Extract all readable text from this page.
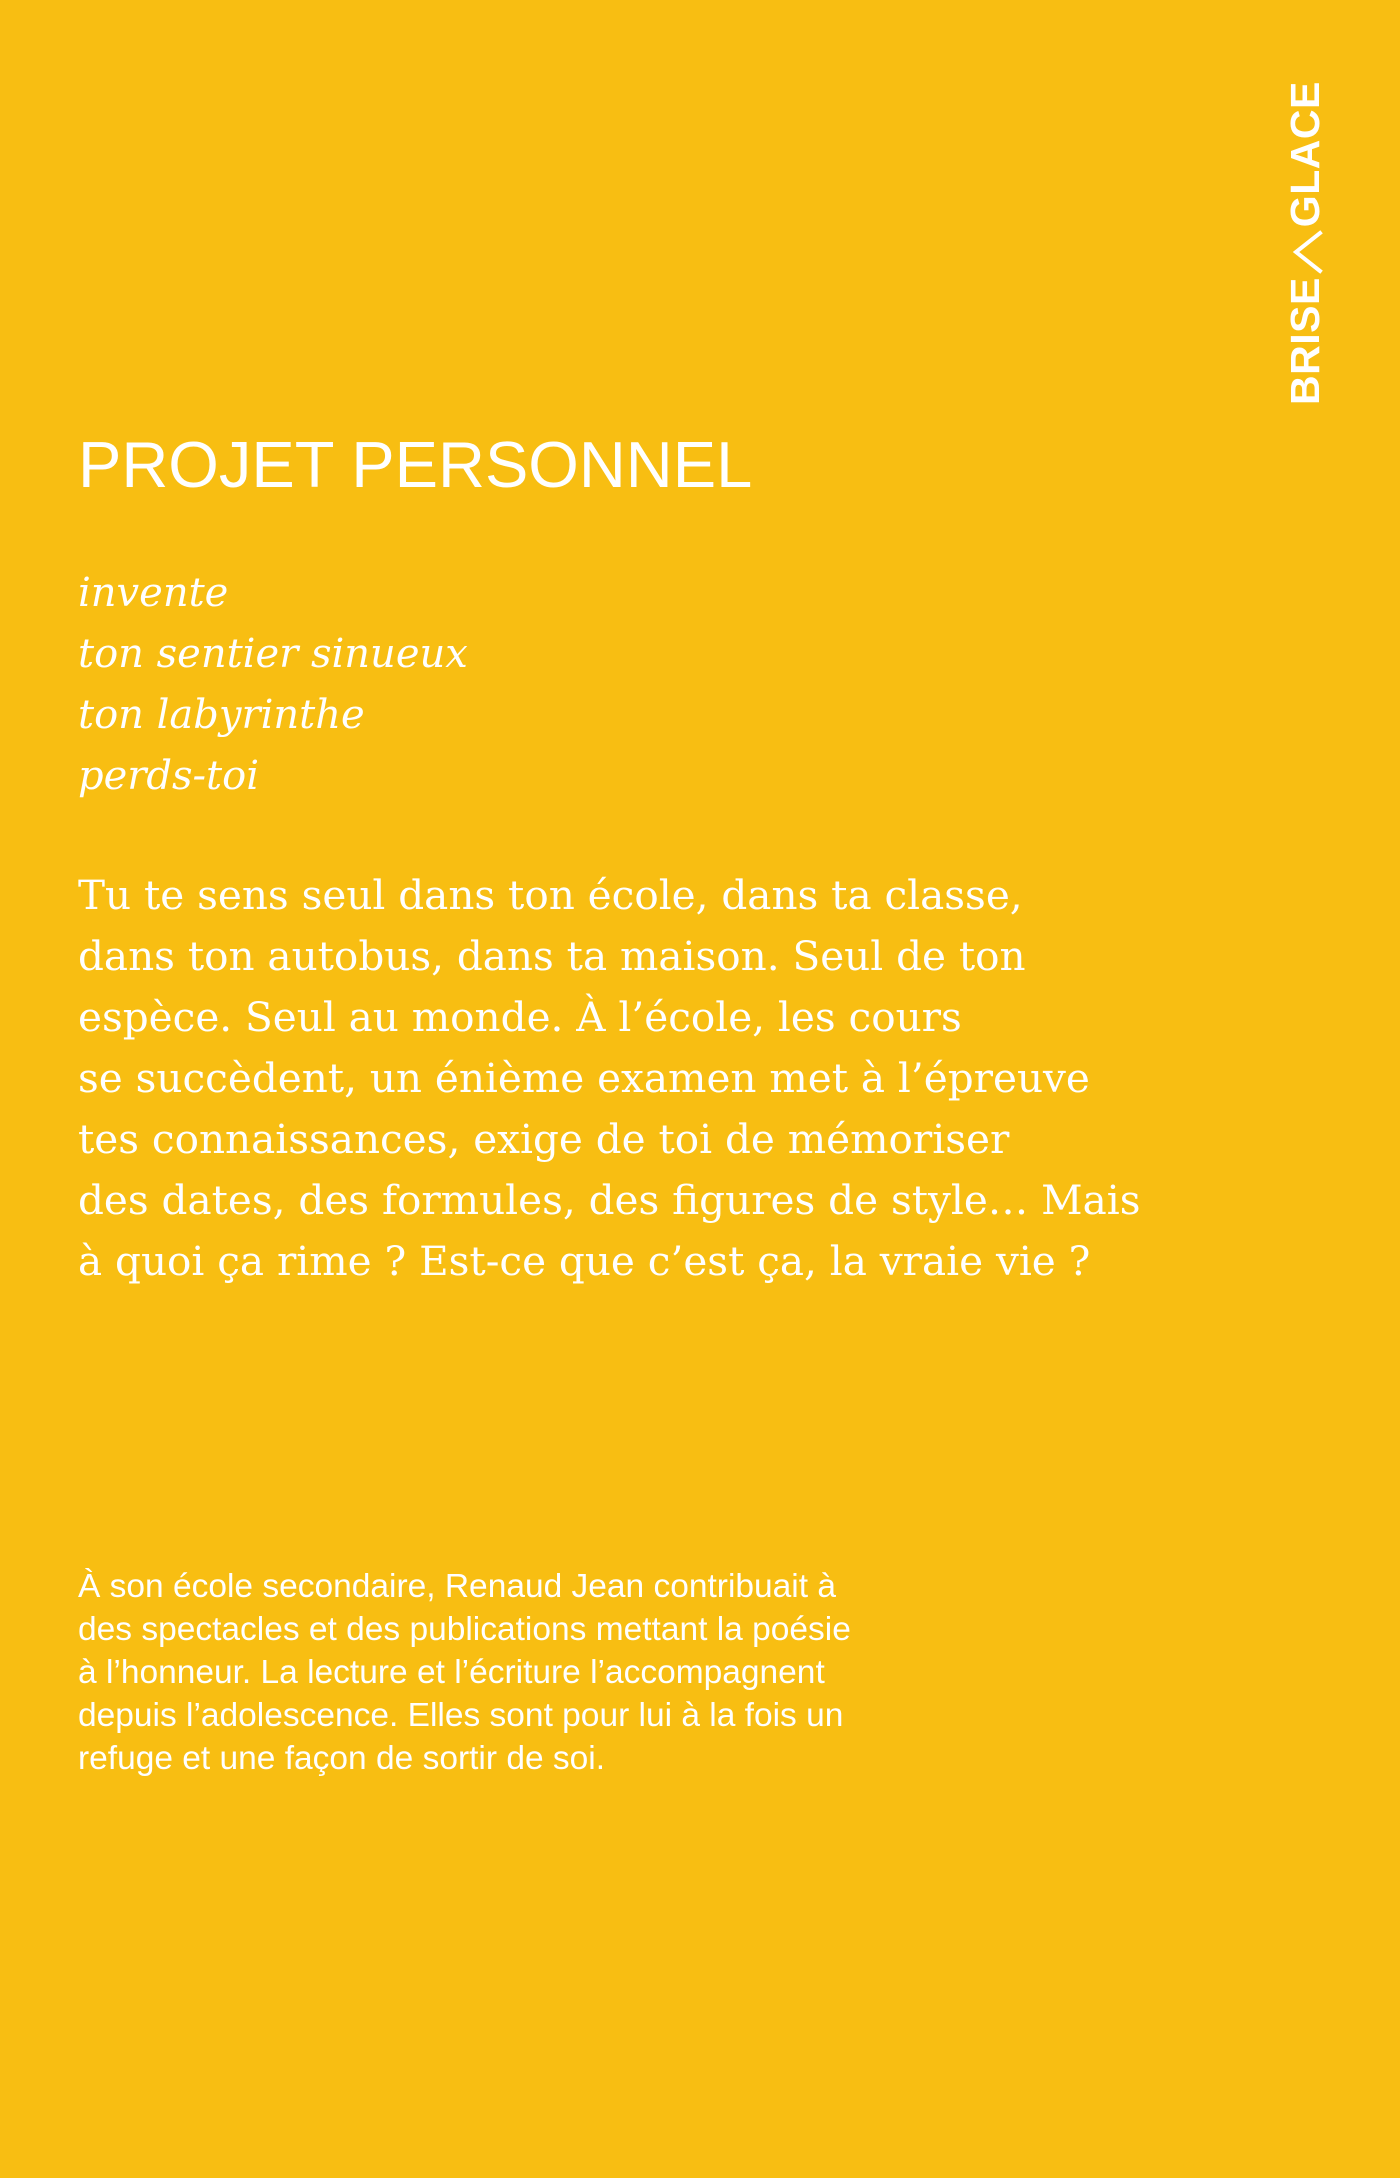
BRISE
GLACE
PROJET PERSONNEL
invente
ton sentier sinueux
ton labyrinthe
perds-toi

Tu te sens seul dans ton école, dans ta classe,
dans ton autobus, dans ta maison. Seul de ton
espèce. Seul au monde. À l’école, les cours
se succèdent, un énième examen met à l’épreuve
tes connaissances, exige de toi de mémoriser
des dates, des formules, des figures de style… Mais
à quoi ça rime ? Est-ce que c’est ça, la vraie vie ?

À son école secondaire, Renaud Jean contribuait à
des spectacles et des publications mettant la poésie
à l’honneur. La lecture et l’écriture l’accompagnent
depuis l’adolescence. Elles sont pour lui à la fois un
refuge et une façon de sortir de soi.
